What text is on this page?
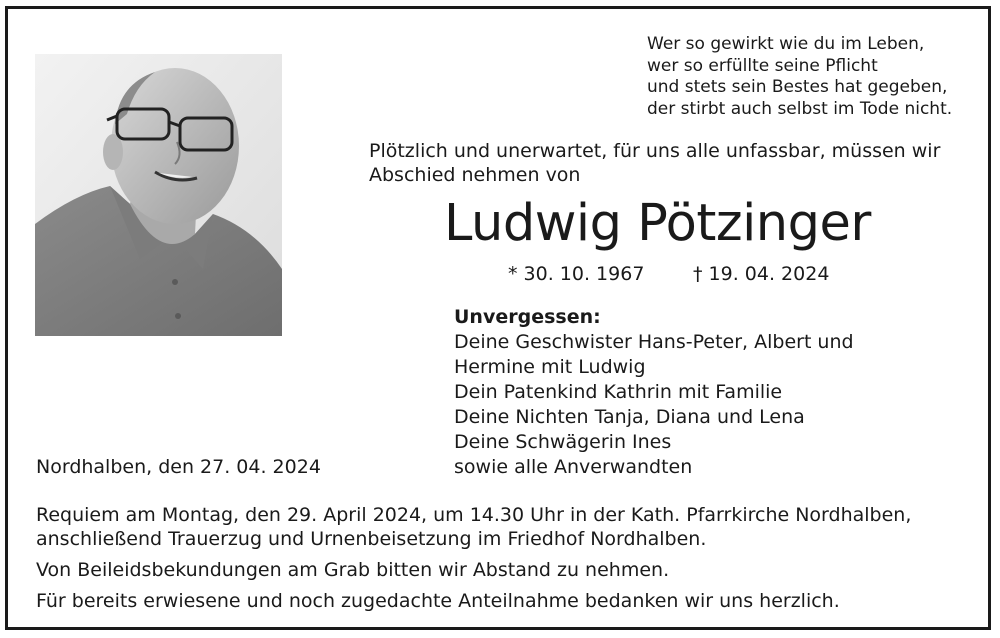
Wer so gewirkt wie du im Leben,
wer so erfüllte seine Pflicht
und stets sein Bestes hat gegeben,
der stirbt auch selbst im Tode nicht.
Plötzlich und unerwartet, für uns alle unfassbar, müssen wir
Abschied nehmen von
Ludwig Pötzinger
* 30. 10. 1967	† 19. 04. 2024
Unvergessen:
Deine Geschwister Hans-Peter, Albert und
Hermine mit Ludwig
Dein Patenkind Kathrin mit Familie
Deine Nichten Tanja, Diana und Lena
Deine Schwägerin Ines
sowie alle Anverwandten
Nordhalben, den 27. 04. 2024

Requiem am Montag, den 29. April 2024, um 14.30 Uhr in der Kath. Pfarrkirche Nordhalben,
anschließend Trauerzug und Urnenbeisetzung im Friedhof Nordhalben.

Von Beileidsbekundungen am Grab bitten wir Abstand zu nehmen.

Für bereits erwiesene und noch zugedachte Anteilnahme bedanken wir uns herzlich.
